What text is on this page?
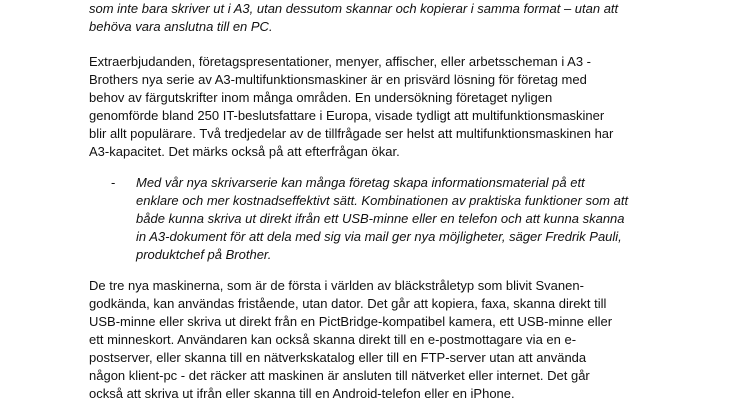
som inte bara skriver ut i A3, utan dessutom skannar och kopierar i samma format – utan att
behöva vara anslutna till en PC.
Extraerbjudanden, företagspresentationer, menyer, affischer, eller arbetsscheman i A3 -
Brothers nya serie av A3-multifunktionsmaskiner är en prisvärd lösning för företag med
behov av färgutskrifter inom många områden. En undersökning företaget nyligen
genomförde bland 250 IT-beslutsfattare i Europa, visade tydligt att multifunktionsmaskiner
blir allt populärare. Två tredjedelar av de tillfrågade ser helst att multifunktionsmaskinen har
A3-kapacitet. Det märks också på att efterfrågan ökar.
-	Med vår nya skrivarserie kan många företag skapa informationsmaterial på ett
enklare och mer kostnadseffektivt sätt. Kombinationen av praktiska funktioner som att
både kunna skriva ut direkt ifrån ett USB-minne eller en telefon och att kunna skanna
in A3-dokument för att dela med sig via mail ger nya möjligheter, säger Fredrik Pauli,
produktchef på Brother.
De tre nya maskinerna, som är de första i världen av bläckstråletyp som blivit Svanen-
godkända, kan användas fristående, utan dator. Det går att kopiera, faxa, skanna direkt till
USB-minne eller skriva ut direkt från en PictBridge-kompatibel kamera, ett USB-minne eller
ett minneskort. Användaren kan också skanna direkt till en e-postmottagare via en e-
postserver, eller skanna till en nätverkskatalog eller till en FTP-server utan att använda
någon klient-pc - det räcker att maskinen är ansluten till nätverket eller internet. Det går
också att skriva ut ifrån eller skanna till en Android-telefon eller en iPhone.
